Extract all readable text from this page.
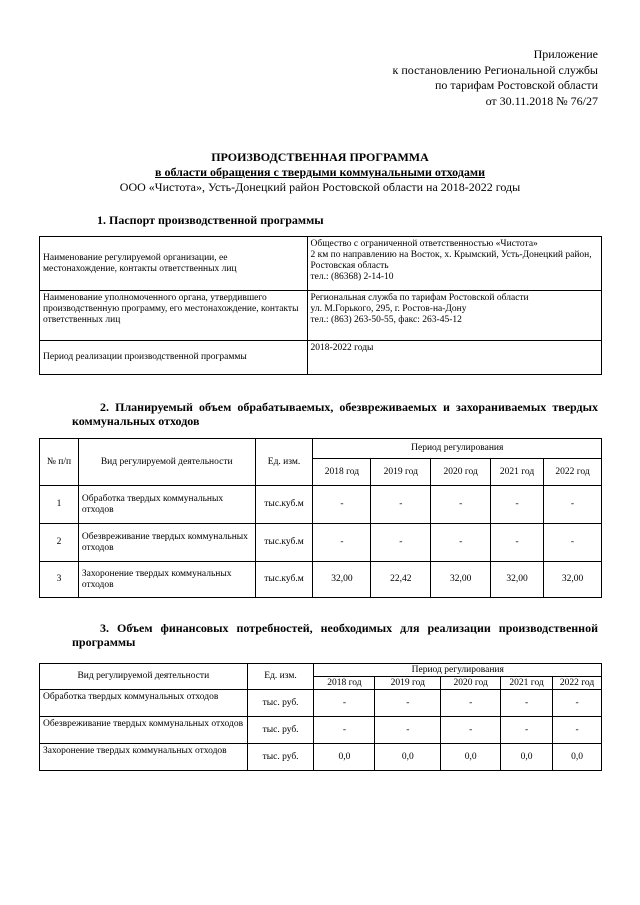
Приложение
к постановлению Региональной службы
по тарифам Ростовской области
от 30.11.2018 № 76/27
ПРОИЗВОДСТВЕННАЯ ПРОГРАММА
в области обращения с твердыми коммунальными отходами
ООО «Чистота», Усть-Донецкий район Ростовской области на 2018-2022 годы
1. Паспорт производственной программы
Наименование регулируемой организации, ее местонахождение, контакты ответственных лиц	Общество с ограниченной ответственностью «Чистота»
2 км по направлению на Восток, х. Крымский, Усть-Донецкий район, Ростовская область
тел.: (86368) 2-14-10

Наименование уполномоченного органа, утвердившего производственную программу, его местонахождение, контакты ответственных лиц	Региональная служба по тарифам Ростовской области
ул. М.Горького, 295, г. Ростов-на-Дону
тел.: (863) 263-50-55, факс: 263-45-12

Период реализации производственной программы	2018-2022 годы
2. Планируемый объем обрабатываемых, обезвреживаемых и захораниваемых твердых коммунальных отходов
№ п/п	Вид регулируемой деятельности	Ед. изм.	Период регулирования				
			2018 год	2019 год	2020 год	2021 год	2022 год
1	Обработка твердых коммунальных отходов	тыс.куб.м	-	-	-	-	-
2	Обезвреживание твердых коммунальных отходов	тыс.куб.м	-	-	-	-	-
3	Захоронение твердых коммунальных отходов	тыс.куб.м	32,00	22,42	32,00	32,00	32,00
3. Объем финансовых потребностей, необходимых для реализации производственной программы
Вид регулируемой деятельности	Ед. изм.	Период регулирования				
		2018 год	2019 год	2020 год	2021 год	2022 год
Обработка твердых коммунальных отходов	тыс. руб.	-	-	-	-	-
Обезвреживание твердых коммунальных отходов	тыс. руб.	-	-	-	-	-
Захоронение твердых коммунальных отходов	тыс. руб.	0,0	0,0	0,0	0,0	0,0
